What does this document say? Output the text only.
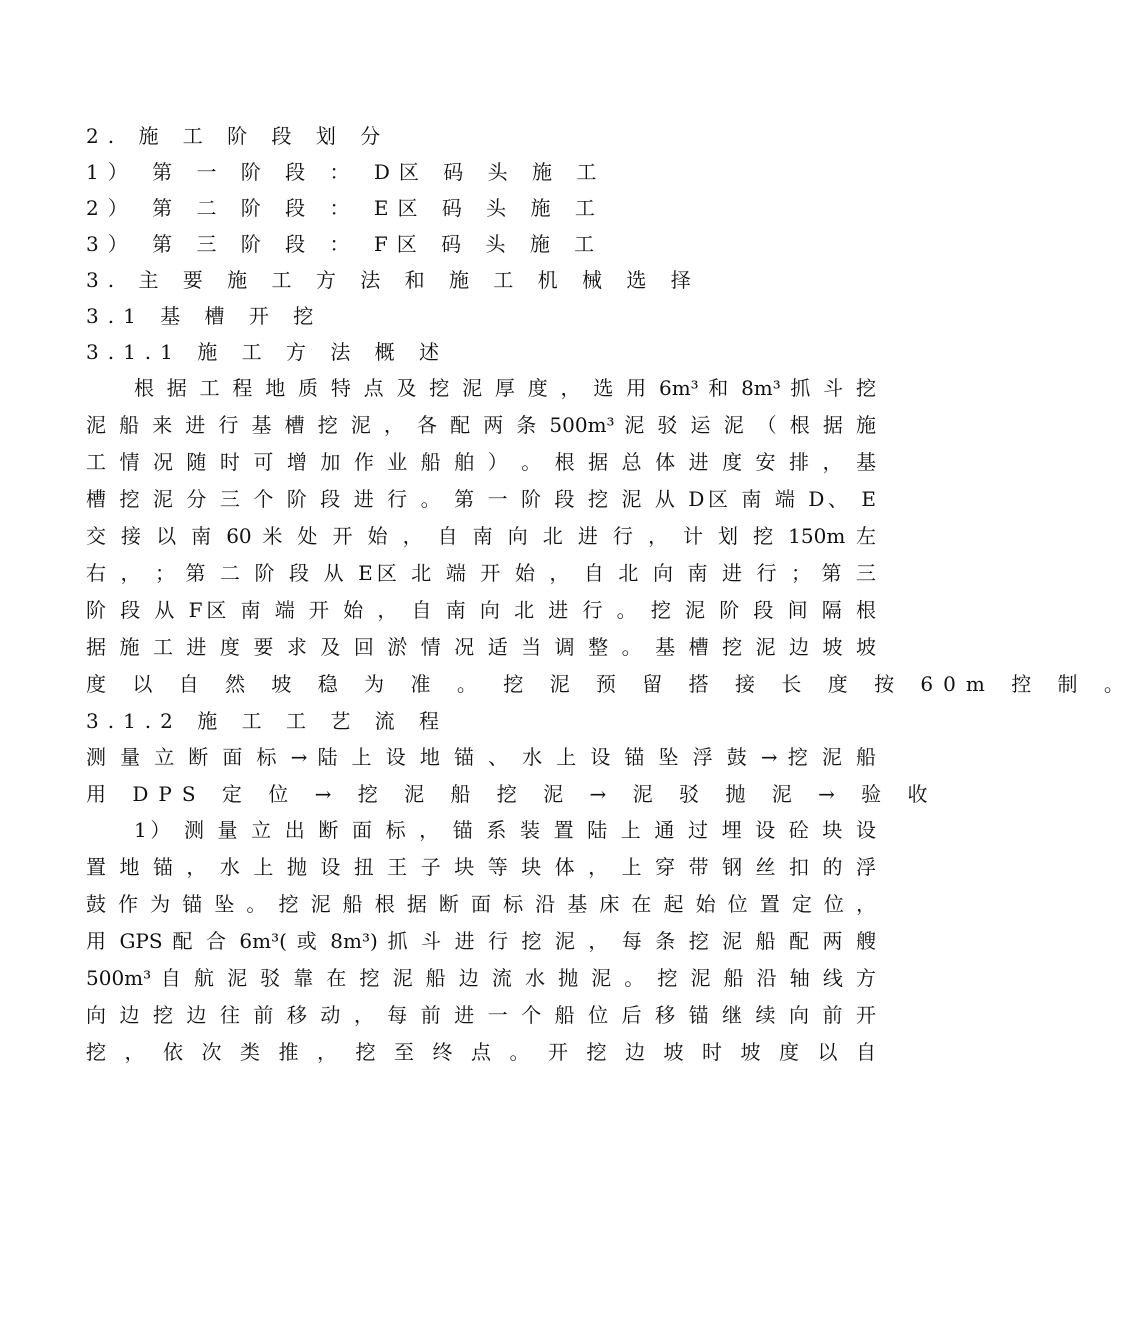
2. 施 工 阶 段 划 分
1） 第 一 阶 段 ： D区 码 头 施 工
2） 第 二 阶 段 ： E区 码 头 施 工
3） 第 三 阶 段 ： F区 码 头 施 工
3. 主 要 施 工 方 法 和 施 工 机 械 选 择
3.1 基 槽 开 挖
3.1.1 施 工 方 法 概 述
根 据 工 程 地 质 特 点 及 挖 泥 厚 度 ， 选 用 6m³ 和 8m³ 抓 斗 挖
泥 船 来 进 行 基 槽 挖 泥 ， 各 配 两 条 500m³ 泥 驳 运 泥 （ 根 据 施
工 情 况 随 时 可 增 加 作 业 船 舶 ） 。 根 据 总 体 进 度 安 排 ， 基
槽 挖 泥 分 三 个 阶 段 进 行 。 第 一 阶 段 挖 泥 从 D区 南 端 D、 E
交 接 以 南 60 米 处 开 始 ， 自 南 向 北 进 行 ， 计 划 挖 150m 左
右 ， ； 第 二 阶 段 从 E区 北 端 开 始 ， 自 北 向 南 进 行 ； 第 三
阶 段 从 F区 南 端 开 始 ， 自 南 向 北 进 行 。 挖 泥 阶 段 间 隔 根
据 施 工 进 度 要 求 及 回 淤 情 况 适 当 调 整 。 基 槽 挖 泥 边 坡 坡
度 以 自 然 坡 稳 为 准 。 挖 泥 预 留 搭 接 长 度 按 60m 控 制 。
3.1.2 施 工 工 艺 流 程
测 量 立 断 面 标 → 陆 上 设 地 锚 、 水 上 设 锚 坠 浮 鼓 → 挖 泥 船
用 DPS 定 位 → 挖 泥 船 挖 泥 → 泥 驳 抛 泥 → 验 收
1） 测 量 立 出 断 面 标 ， 锚 系 装 置 陆 上 通 过 埋 设 砼 块 设
置 地 锚 ， 水 上 抛 设 扭 王 子 块 等 块 体 ， 上 穿 带 钢 丝 扣 的 浮
鼓 作 为 锚 坠 。 挖 泥 船 根 据 断 面 标 沿 基 床 在 起 始 位 置 定 位 ，
用 GPS 配 合 6m³( 或 8m³) 抓 斗 进 行 挖 泥 ， 每 条 挖 泥 船 配 两 艘
500m³ 自 航 泥 驳 靠 在 挖 泥 船 边 流 水 抛 泥 。 挖 泥 船 沿 轴 线 方
向 边 挖 边 往 前 移 动 ， 每 前 进 一 个 船 位 后 移 锚 继 续 向 前 开
挖 ， 依 次 类 推 ， 挖 至 终 点 。 开 挖 边 坡 时 坡 度 以 自
